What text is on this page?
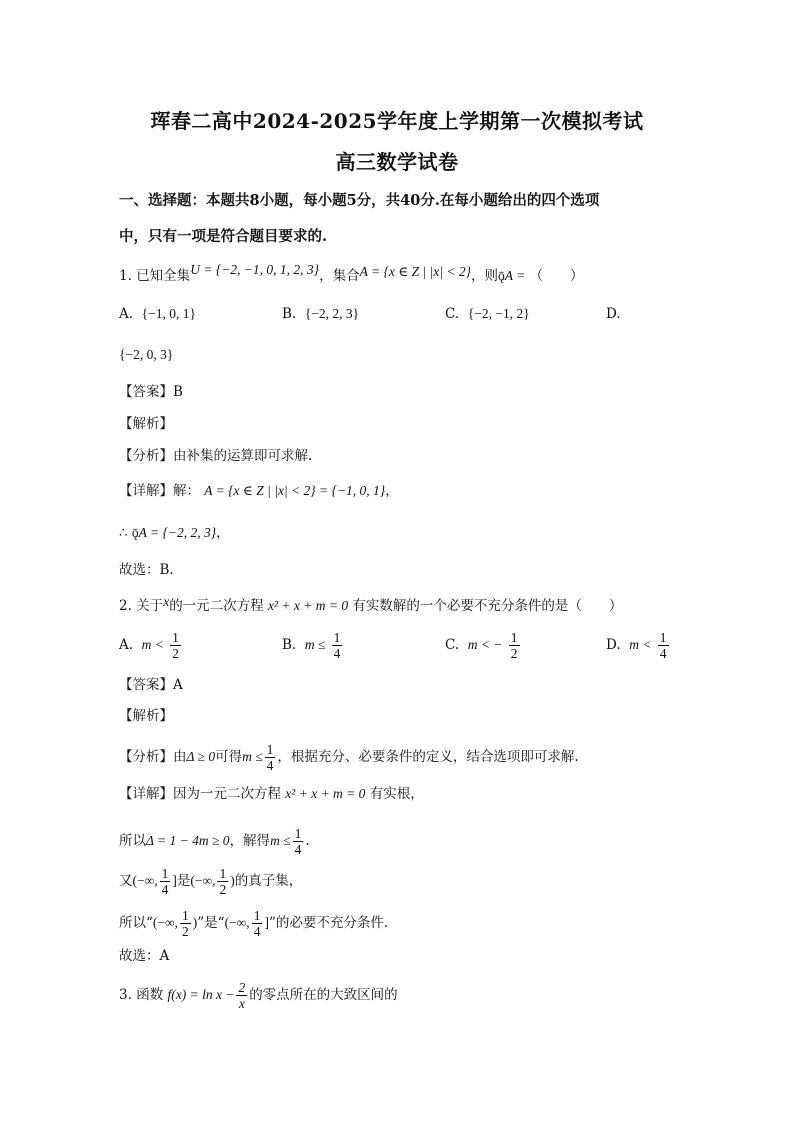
珲春二高中2024-2025学年度上学期第一次模拟考试
高三数学试卷
一、选择题：本题共8小题，每小题5分，共40分.在每小题给出的四个选项
中，只有一项是符合题目要求的.
1. 已知全集U = {−2, −1, 0, 1, 2, 3}，集合A = {x ∈ Z | |x| < 2}，则ǭA = （　　）
A. {−1, 0, 1}	B. {−2, 2, 3}	C. {−2, −1, 2}	D.
{−2, 0, 3}
【答案】B
【解析】
【分析】由补集的运算即可求解.
【详解】解： A = {x ∈ Z | |x| < 2} = {−1, 0, 1}，
∴ ǭA = {−2, 2, 3}，
故选：B．
2. 关于x的一元二次方程 x² + x + m = 0 有实数解的一个必要不充分条件的是（　　）
A. $m < \frac{1}{2}$	B. $m \le \frac{1}{4}$	C. m < − $\frac{1}{2}$	D. $m < \frac{1}{4}$
【答案】A
【解析】
【分析】由Δ ≥ 0可得$m \le \frac{1}{4}$ ，根据充分、必要条件的定义，结合选项即可求解.
【详解】因为一元二次方程 x² + x + m = 0 有实根，
所以Δ = 1 − 4m ≥ 0，解得$m \le \frac{1}{4}$ .
又(−∞, $\frac{1}{4}$ ]是(−∞, $\frac{1}{2}$ )的真子集，
所以“(−∞, $\frac{1}{2}$ )”是“(−∞, $\frac{1}{4}$ ]”的必要不充分条件.
故选：A
3. 函数 $f(x) = \ln x - \frac{2}{x}$ 的零点所在的大致区间的
